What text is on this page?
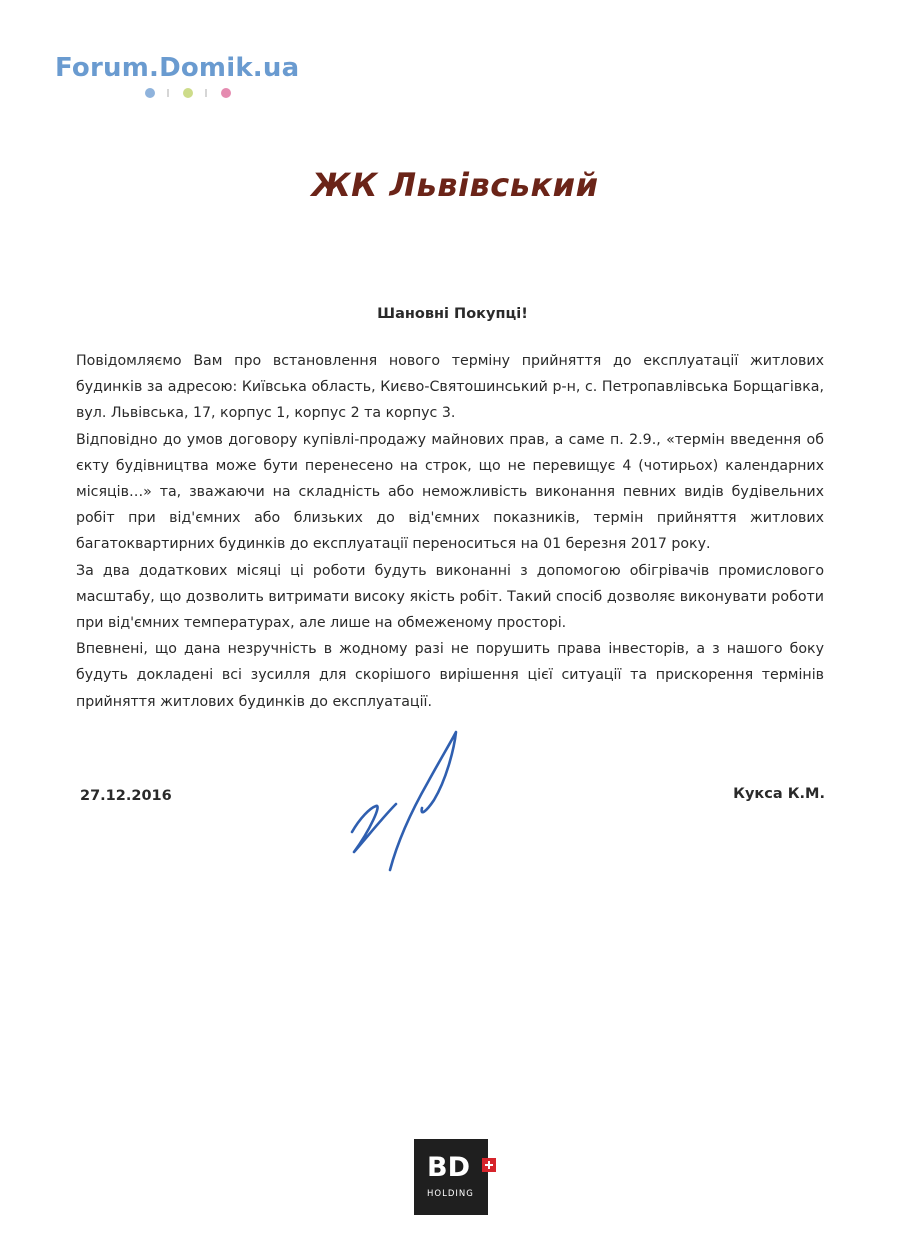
Forum.Domik.ua
ЖК Львівський
Шановні Покупці!

Повідомляємо Вам про встановлення нового терміну прийняття до експлуатації житлових будинків за адресою: Київська область, Києво-Святошинський р-н, с. Петропавлівська Борщагівка, вул. Львівська, 17, корпус 1, корпус 2 та корпус 3.

Відповідно до умов договору купівлі-продажу майнових прав, а саме п. 2.9., «термін введення об єкту будівництва може бути перенесено на строк, що не перевищує 4 (чотирьох) календарних місяців…» та, зважаючи на складність або неможливість виконання певних видів будівельних робіт при від'ємних або близьких до від'ємних показників, термін прийняття житлових багатоквартирних будинків до експлуатації переноситься на 01 березня 2017 року.

За два додаткових місяці ці роботи будуть виконанні з допомогою обігрівачів промислового масштабу, що дозволить витримати високу якість робіт. Такий спосіб дозволяє виконувати роботи при від'ємних температурах, але лише на обмеженому просторі.

Впевнені, що дана незручність в жодному разі не порушить права інвесторів, а з нашого боку будуть докладені всі зусилля для скорішого вирішення цієї ситуації та прискорення термінів прийняття житлових будинків до експлуатації.

27.12.2016	Кукса К.М.
BD
HOLDING
